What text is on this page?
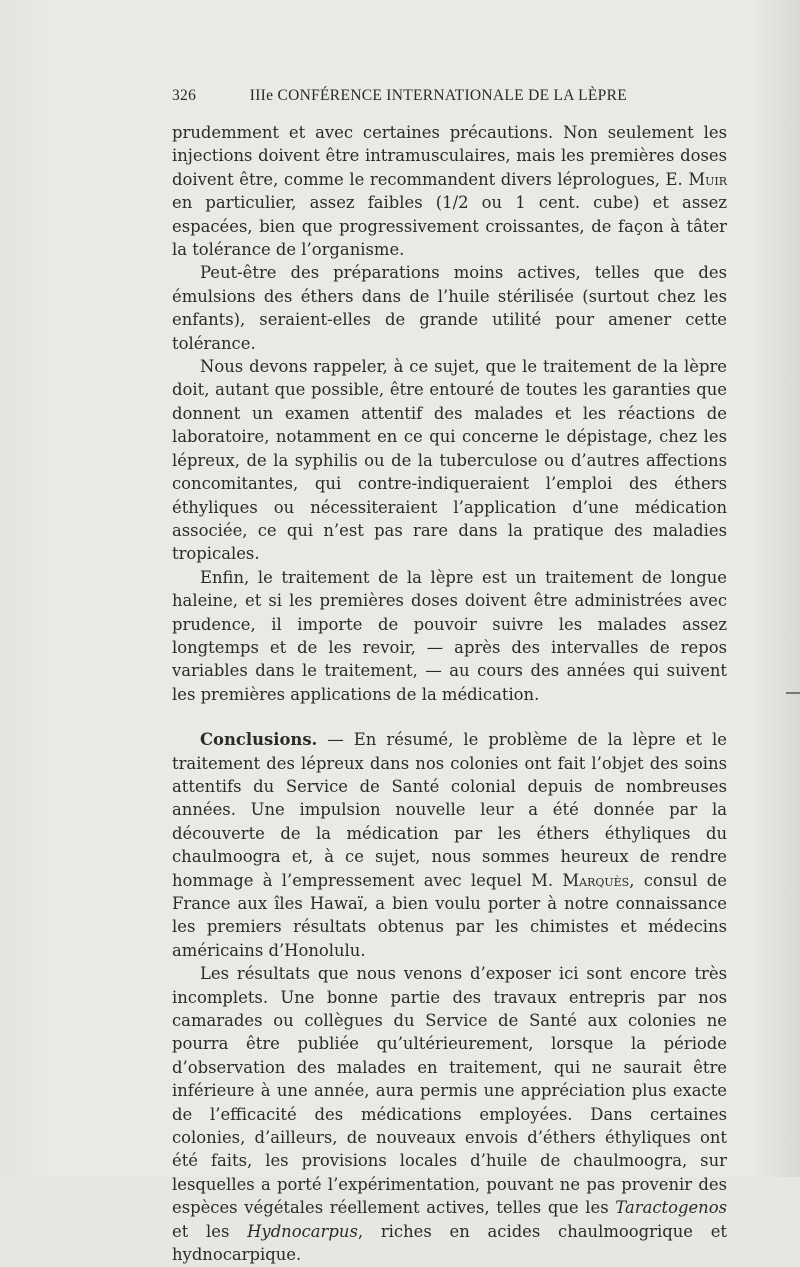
326	IIIe CONFÉRENCE INTERNATIONALE DE LA LÈPRE

prudemment et avec certaines précautions. Non seulement les injections doivent être intramusculaires, mais les premières doses doivent être, comme le recommandent divers léprologues, E. Muir en particulier, assez faibles (1/2 ou 1 cent. cube) et assez espacées, bien que progressivement croissantes, de façon à tâter la tolérance de l’organisme.

Peut-être des préparations moins actives, telles que des émulsions des éthers dans de l’huile stérilisée (surtout chez les enfants), seraient-elles de grande utilité pour amener cette tolérance.

Nous devons rappeler, à ce sujet, que le traitement de la lèpre doit, autant que possible, être entouré de toutes les garanties que donnent un examen attentif des malades et les réactions de laboratoire, notamment en ce qui concerne le dépistage, chez les lépreux, de la syphilis ou de la tuberculose ou d’autres affections concomitantes, qui contre-indiqueraient l’emploi des éthers éthyliques ou nécessiteraient l’application d’une médication associée, ce qui n’est pas rare dans la pratique des maladies tropicales.

Enfin, le traitement de la lèpre est un traitement de longue haleine, et si les premières doses doivent être administrées avec prudence, il importe de pouvoir suivre les malades assez longtemps et de les revoir, — après des intervalles de repos variables dans le traitement, — au cours des années qui suivent les premières applications de la médication.

Conclusions. — En résumé, le problème de la lèpre et le traitement des lépreux dans nos colonies ont fait l’objet des soins attentifs du Service de Santé colonial depuis de nombreuses années. Une impulsion nouvelle leur a été donnée par la découverte de la médication par les éthers éthyliques du chaulmoogra et, à ce sujet, nous sommes heureux de rendre hommage à l’empressement avec lequel M. Marquès, consul de France aux îles Hawaï, a bien voulu porter à notre connaissance les premiers résultats obtenus par les chimistes et médecins américains d’Honolulu.

Les résultats que nous venons d’exposer ici sont encore très incomplets. Une bonne partie des travaux entrepris par nos camarades ou collègues du Service de Santé aux colonies ne pourra être publiée qu’ultérieurement, lorsque la période d’observation des malades en traitement, qui ne saurait être inférieure à une année, aura permis une appréciation plus exacte de l’efficacité des médications employées. Dans certaines colonies, d’ailleurs, de nouveaux envois d’éthers éthyliques ont été faits, les provisions locales d’huile de chaulmoogra, sur lesquelles a porté l’expérimentation, pouvant ne pas provenir des espèces végétales réellement actives, telles que les Taractogenos et les Hydnocarpus, riches en acides chaulmoogrique et hydnocarpique.
